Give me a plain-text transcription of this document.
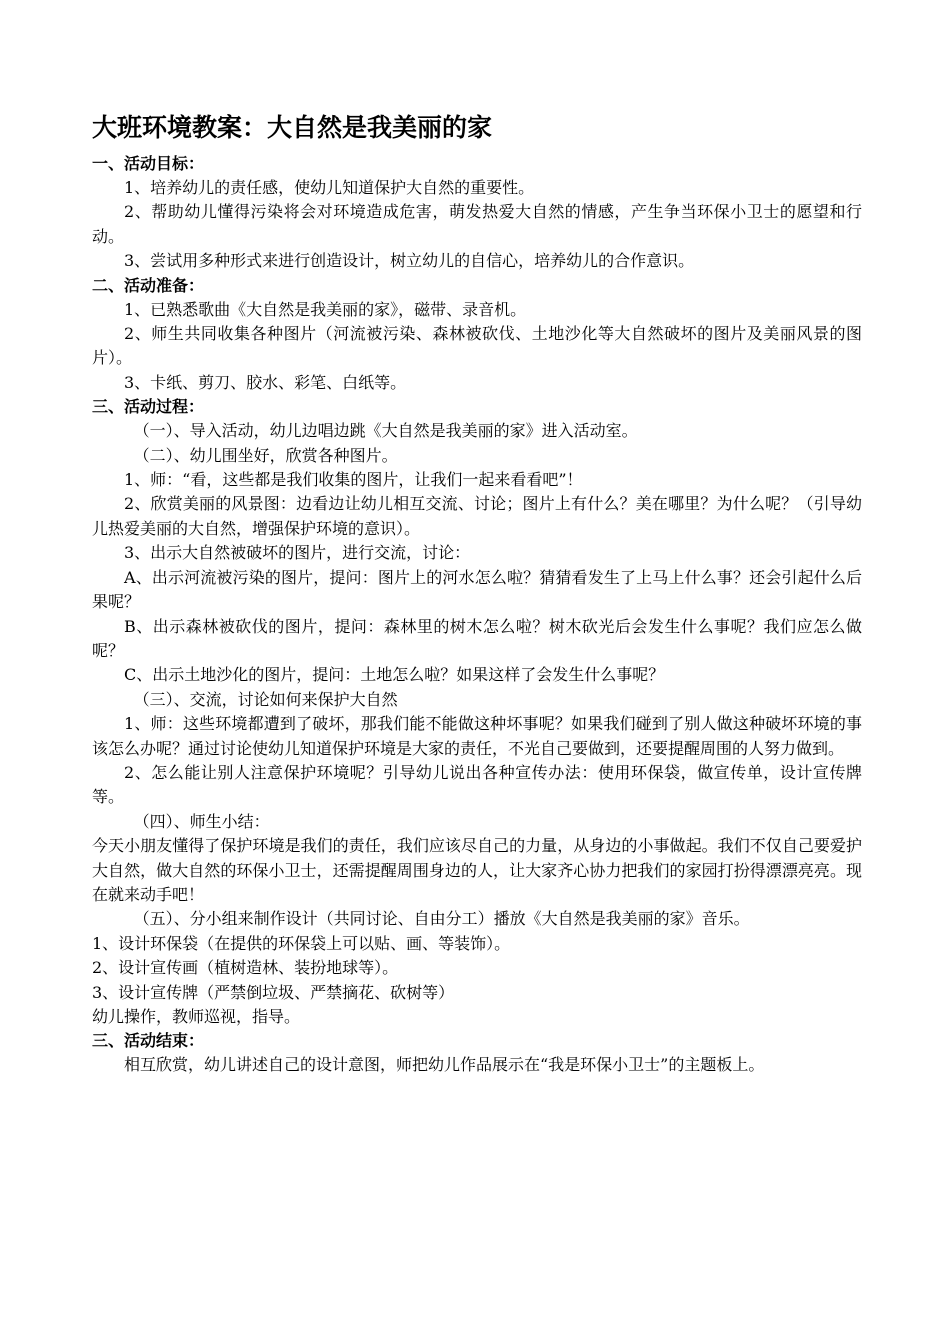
大班环境教案：大自然是我美丽的家
一、活动目标：

1、培养幼儿的责任感，使幼儿知道保护大自然的重要性。

2、帮助幼儿懂得污染将会对环境造成危害，萌发热爱大自然的情感，产生争当环保小卫士的愿望和行动。

3、尝试用多种形式来进行创造设计，树立幼儿的自信心，培养幼儿的合作意识。

二、活动准备：

1、已熟悉歌曲《大自然是我美丽的家》，磁带、录音机。

2、师生共同收集各种图片（河流被污染、森林被砍伐、土地沙化等大自然破坏的图片及美丽风景的图片）。

3、卡纸、剪刀、胶水、彩笔、白纸等。

三、活动过程：

（一）、导入活动，幼儿边唱边跳《大自然是我美丽的家》进入活动室。

（二）、幼儿围坐好，欣赏各种图片。

1、师：“看，这些都是我们收集的图片，让我们一起来看看吧”！

2、欣赏美丽的风景图：边看边让幼儿相互交流、讨论；图片上有什么？美在哪里？为什么呢？（引导幼儿热爱美丽的大自然，增强保护环境的意识）。

3、出示大自然被破坏的图片，进行交流，讨论：

A、出示河流被污染的图片，提问：图片上的河水怎么啦？猜猜看发生了上马上什么事？还会引起什么后果呢？

B、出示森林被砍伐的图片，提问：森林里的树木怎么啦？树木砍光后会发生什么事呢？我们应怎么做呢？

C、出示土地沙化的图片，提问：土地怎么啦？如果这样了会发生什么事呢？

（三）、交流，讨论如何来保护大自然

1、师：这些环境都遭到了破坏，那我们能不能做这种坏事呢？如果我们碰到了别人做这种破坏环境的事该怎么办呢？通过讨论使幼儿知道保护环境是大家的责任，不光自己要做到，还要提醒周围的人努力做到。

2、怎么能让别人注意保护环境呢？引导幼儿说出各种宣传办法：使用环保袋，做宣传单，设计宣传牌等。

（四）、师生小结：

今天小朋友懂得了保护环境是我们的责任，我们应该尽自己的力量，从身边的小事做起。我们不仅自己要爱护大自然，做大自然的环保小卫士，还需提醒周围身边的人，让大家齐心协力把我们的家园打扮得漂漂亮亮。现在就来动手吧！

（五）、分小组来制作设计（共同讨论、自由分工）播放《大自然是我美丽的家》音乐。

1、设计环保袋（在提供的环保袋上可以贴、画、等装饰）。

2、设计宣传画（植树造林、装扮地球等）。

3、设计宣传牌（严禁倒垃圾、严禁摘花、砍树等）

幼儿操作，教师巡视，指导。

三、活动结束：

相互欣赏，幼儿讲述自己的设计意图，师把幼儿作品展示在“我是环保小卫士”的主题板上。
